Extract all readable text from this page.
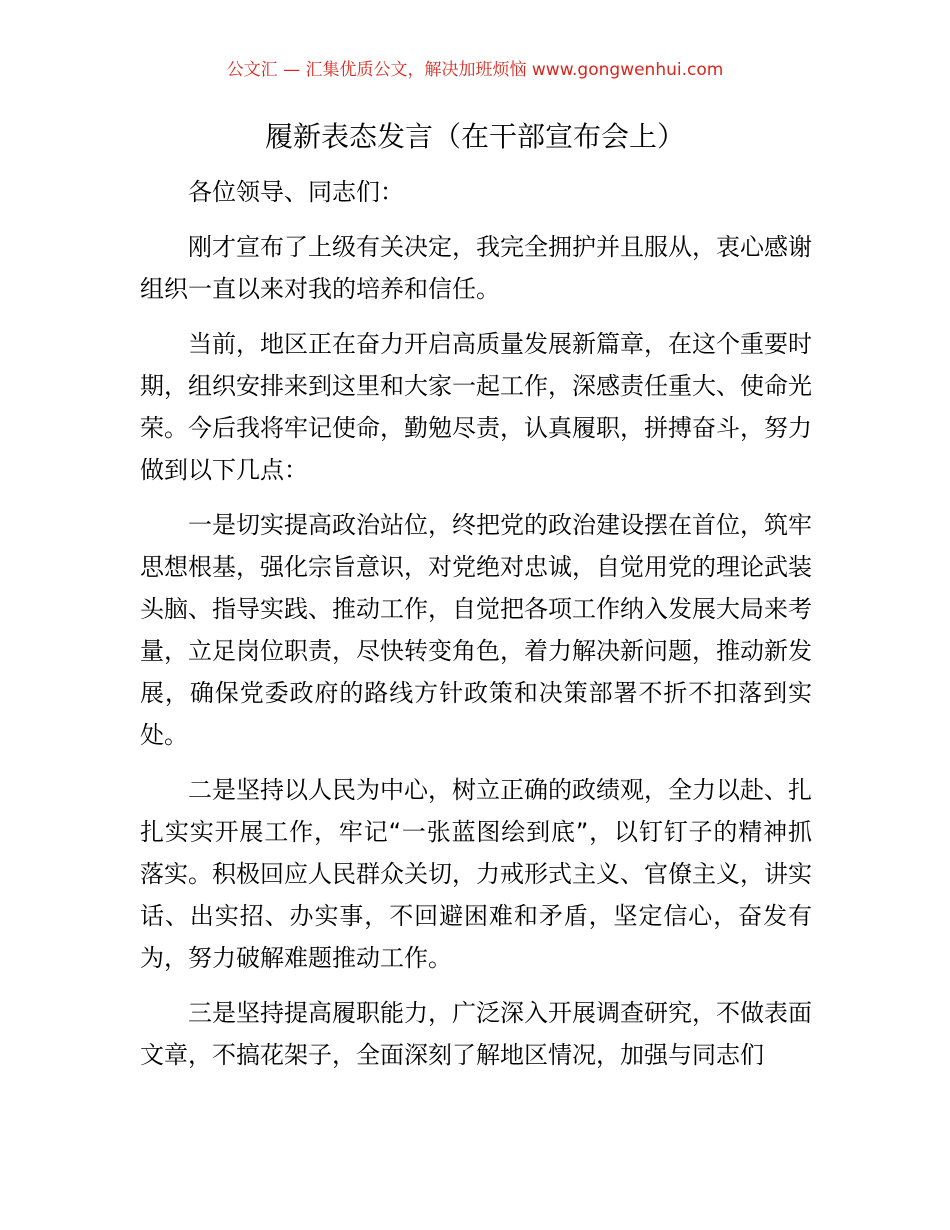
公文汇 — 汇集优质公文，解决加班烦恼 www.gongwenhui.com
履新表态发言（在干部宣布会上）

各位领导、同志们：

刚才宣布了上级有关决定，我完全拥护并且服从，衷心感谢组织一直以来对我的培养和信任。

当前，地区正在奋力开启高质量发展新篇章，在这个重要时期，组织安排来到这里和大家一起工作，深感责任重大、使命光荣。今后我将牢记使命，勤勉尽责，认真履职，拼搏奋斗，努力做到以下几点：

一是切实提高政治站位，终把党的政治建设摆在首位，筑牢思想根基，强化宗旨意识，对党绝对忠诚，自觉用党的理论武装头脑、指导实践、推动工作，自觉把各项工作纳入发展大局来考量，立足岗位职责，尽快转变角色，着力解决新问题，推动新发展，确保党委政府的路线方针政策和决策部署不折不扣落到实处。

二是坚持以人民为中心，树立正确的政绩观，全力以赴、扎扎实实开展工作，牢记“一张蓝图绘到底”，以钉钉子的精神抓落实。积极回应人民群众关切，力戒形式主义、官僚主义，讲实话、出实招、办实事，不回避困难和矛盾，坚定信心，奋发有为，努力破解难题推动工作。

三是坚持提高履职能力，广泛深入开展调查研究，不做表面文章，不搞花架子，全面深刻了解地区情况，加强与同志们
